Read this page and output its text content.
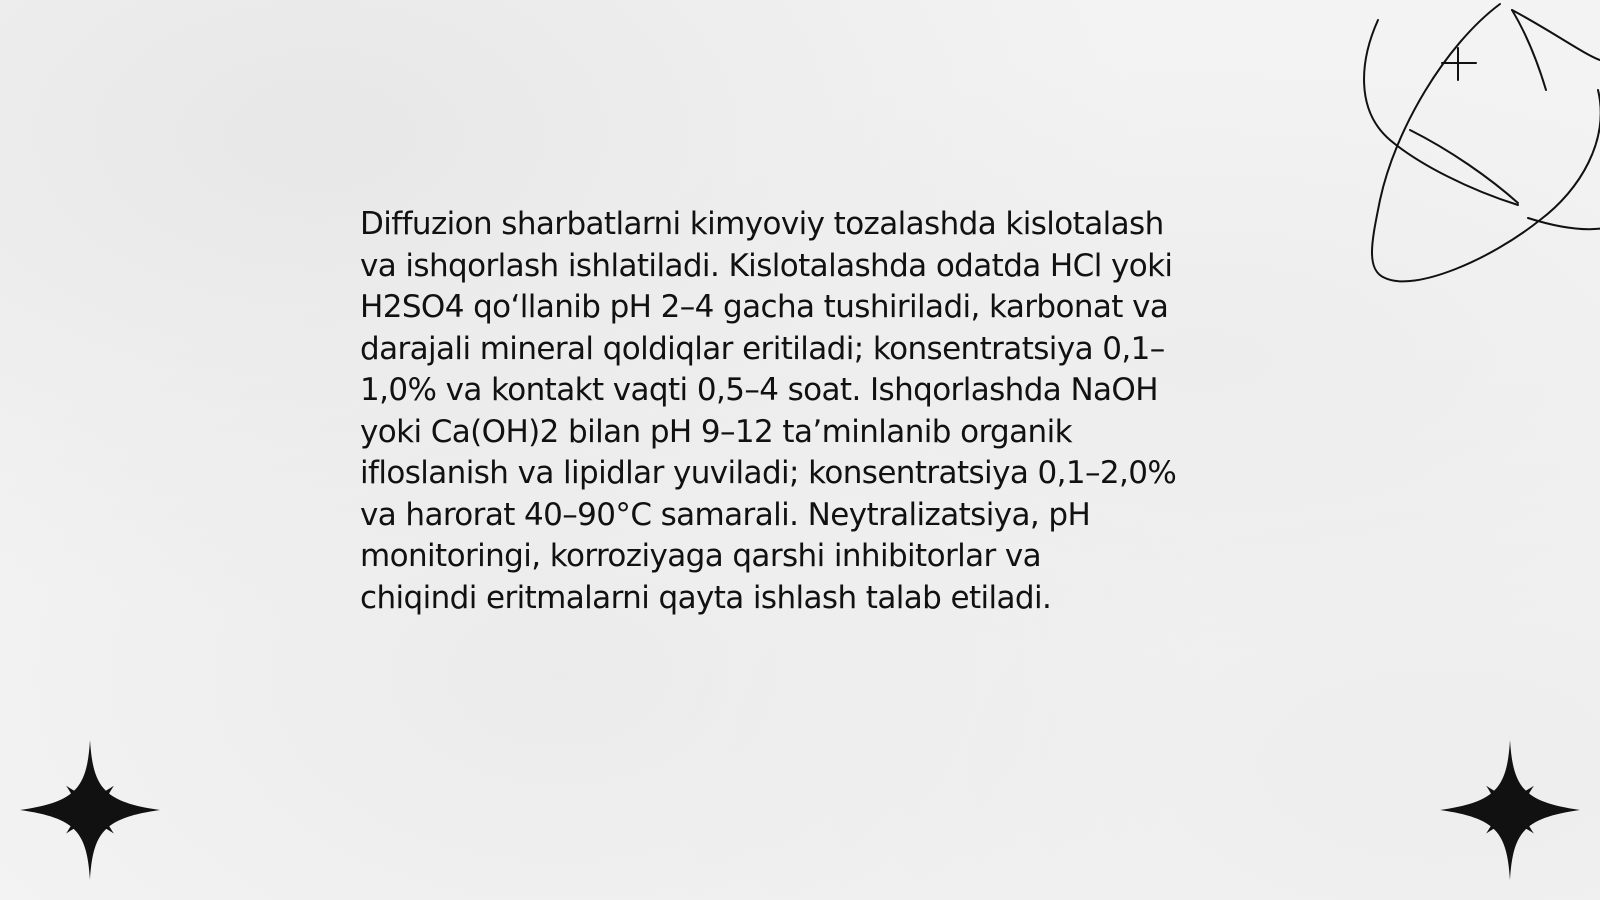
Diffuzion sharbatlarni kimyoviy tozalashda kislotalash
va ishqorlash ishlatiladi. Kislotalashda odatda HCl yoki
H2SO4 qo‘llanib pH 2–4 gacha tushiriladi, karbonat va
darajali mineral qoldiqlar eritiladi; konsentratsiya 0,1–
1,0% va kontakt vaqti 0,5–4 soat. Ishqorlashda NaOH
yoki Ca(OH)2 bilan pH 9–12 ta’minlanib organik
ifloslanish va lipidlar yuviladi; konsentratsiya 0,1–2,0%
va harorat 40–90°C samarali. Neytralizatsiya, pH
monitoringi, korroziyaga qarshi inhibitorlar va
chiqindi eritmalarni qayta ishlash talab etiladi.
